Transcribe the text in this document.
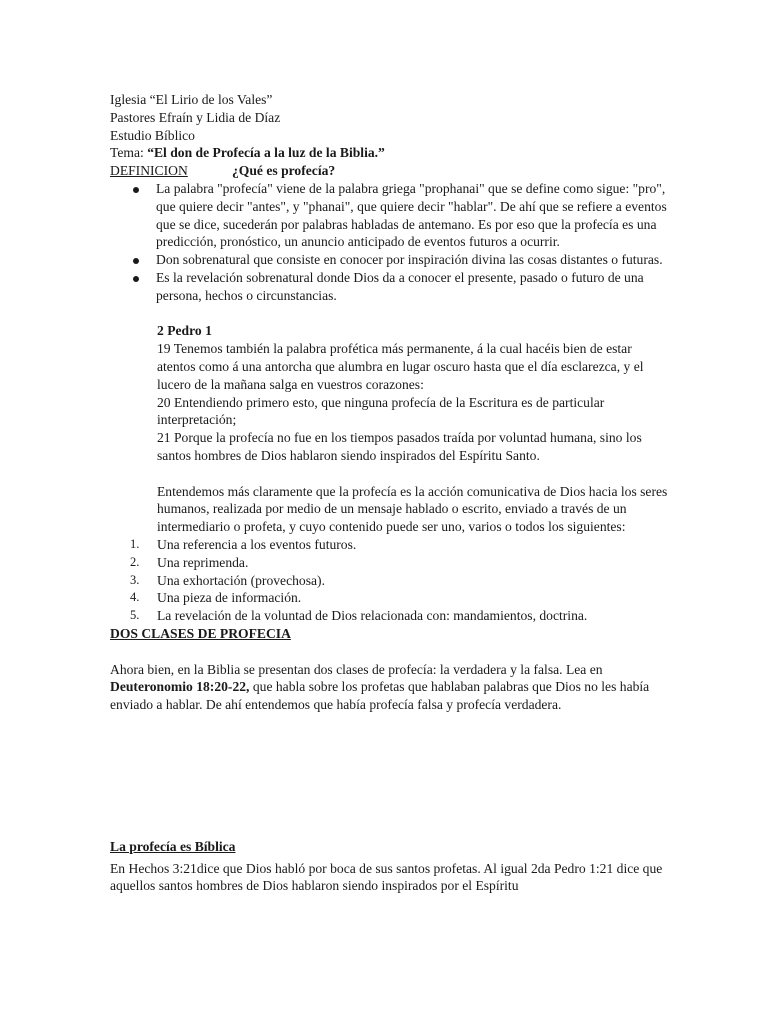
Iglesia “El Lirio de los Vales”

Pastores Efraín y Lidia de Díaz

Estudio Bíblico

Tema: “El don de Profecía a la luz de la Biblia.”

DEFINICION	¿Qué es profecía?

La palabra "profecía" viene de la palabra griega "prophanai" que se define como sigue: "pro", que quiere decir "antes", y "phanai", que quiere decir "hablar". De ahí que se refiere a eventos que se dice, sucederán por palabras habladas de antemano. Es por eso que la profecía es una predicción, pronóstico, un anuncio anticipado de eventos futuros a ocurrir.
Don sobrenatural que consiste en conocer por inspiración divina las cosas distantes o futuras.
Es la revelación sobrenatural donde Dios da a conocer el presente, pasado o futuro de una persona, hechos o circunstancias.

2 Pedro 1

19 Tenemos también la palabra profética más permanente, á la cual hacéis bien de estar atentos como á una antorcha que alumbra en lugar oscuro hasta que el día esclarezca, y el lucero de la mañana salga en vuestros corazones:

20 Entendiendo primero esto, que ninguna profecía de la Escritura es de particular interpretación;

21 Porque la profecía no fue en los tiempos pasados traída por voluntad humana, sino los santos hombres de Dios hablaron siendo inspirados del Espíritu Santo.

Entendemos más claramente que la profecía es la acción comunicativa de Dios hacia los seres humanos, realizada por medio de un mensaje hablado o escrito, enviado a través de un intermediario o profeta, y cuyo contenido puede ser uno, varios o todos los siguientes:

1. Una referencia a los eventos futuros.
2. Una reprimenda.
3. Una exhortación (provechosa).
4. Una pieza de información.
5. La revelación de la voluntad de Dios relacionada con: mandamientos, doctrina.

DOS CLASES DE PROFECIA

Ahora bien, en la Biblia se presentan dos clases de profecía: la verdadera y la falsa. Lea en Deuteronomio 18:20-22, que habla sobre los profetas que hablaban palabras que Dios no les había enviado a hablar. De ahí entendemos que había profecía falsa y profecía verdadera.

La profecía es Bíblica

En Hechos 3:21dice que Dios habló por boca de sus santos profetas. Al igual 2da Pedro 1:21 dice que aquellos santos hombres de Dios hablaron siendo inspirados por el Espíritu
